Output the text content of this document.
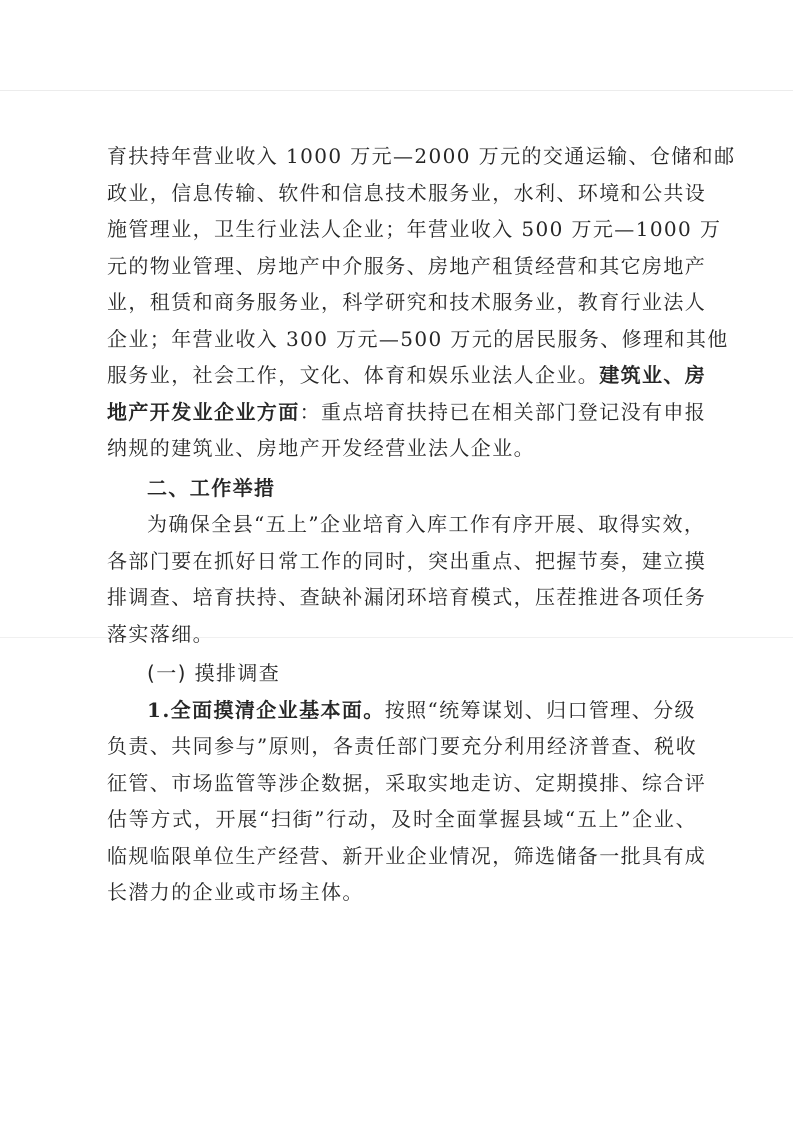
育扶持年营业收入 1000 万元—2000 万元的交通运输、仓储和邮
政业，信息传输、软件和信息技术服务业，水利、环境和公共设
施管理业，卫生行业法人企业；年营业收入 500 万元—1000 万
元的物业管理、房地产中介服务、房地产租赁经营和其它房地产
业，租赁和商务服务业，科学研究和技术服务业，教育行业法人
企业；年营业收入 300 万元—500 万元的居民服务、修理和其他
服务业，社会工作，文化、体育和娱乐业法人企业。建筑业、房
地产开发业企业方面：重点培育扶持已在相关部门登记没有申报
纳规的建筑业、房地产开发经营业法人企业。
二、工作举措
为确保全县“五上”企业培育入库工作有序开展、取得实效，
各部门要在抓好日常工作的同时，突出重点、把握节奏，建立摸
排调查、培育扶持、查缺补漏闭环培育模式，压茬推进各项任务
落实落细。
(一) 摸排调查
1.全面摸清企业基本面。按照“统筹谋划、归口管理、分级
负责、共同参与”原则，各责任部门要充分利用经济普查、税收
征管、市场监管等涉企数据，采取实地走访、定期摸排、综合评
估等方式，开展“扫街”行动，及时全面掌握县域“五上”企业、
临规临限单位生产经营、新开业企业情况，筛选储备一批具有成
长潜力的企业或市场主体。
